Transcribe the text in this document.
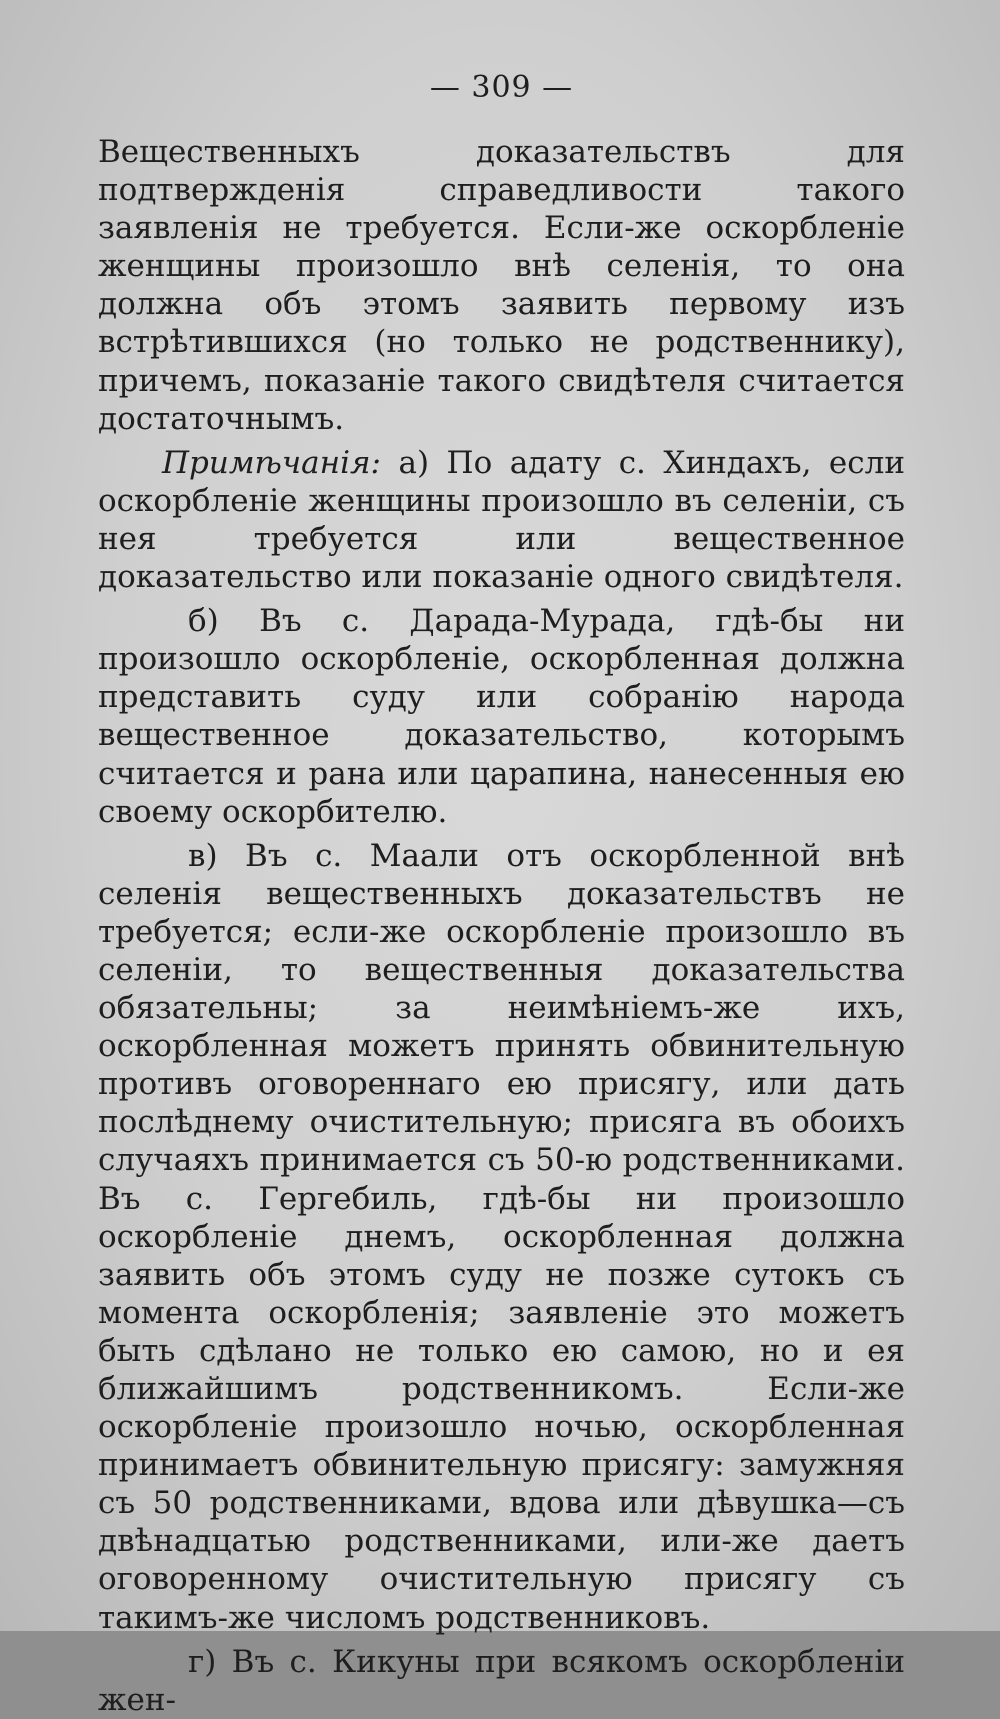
— 309 —

Вещественныхъ доказательствъ для подтвержденія справедливости такого заявленія не требуется. Если-же оскорбленіе женщины произошло внѣ селенія, то она должна объ этомъ заявить первому изъ встрѣтившихся (но только не родственнику), причемъ, показаніе такого свидѣтеля считается достаточнымъ.

Примѣчанія: а) По адату с. Хиндахъ, если оскорбленіе женщины произошло въ селеніи, съ нея требуется или вещественное доказательство или показаніе одного свидѣтеля.

б) Въ с. Дарада-Мурада, гдѣ-бы ни произошло оскорбленіе, оскорбленная должна представить суду или собранію народа вещественное доказательство, которымъ считается и рана или царапина, нанесенныя ею своему оскорбителю.

в) Въ с. Маали отъ оскорбленной внѣ селенія вещественныхъ доказательствъ не требуется; если-же оскорбленіе произошло въ селеніи, то вещественныя доказательства обязательны; за неимѣніемъ-же ихъ, оскорбленная можетъ принять обвинительную противъ оговореннаго ею присягу, или дать послѣднему очистительную; присяга въ обоихъ случаяхъ принимается съ 50-ю родственниками. Въ с. Гергебиль, гдѣ-бы ни произошло оскорбленіе днемъ, оскорбленная должна заявить объ этомъ суду не позже сутокъ съ момента оскорбленія; заявленіе это можетъ быть сдѣлано не только ею самою, но и ея ближайшимъ родственникомъ. Если-же оскорбленіе произошло ночью, оскорбленная принимаетъ обвинительную присягу: замужняя съ 50 родственниками, вдова или дѣвушка—съ двѣнадцатью родственниками, или-же даетъ оговоренному очистительную присягу съ такимъ-же числомъ родственниковъ.

г) Въ с. Кикуны при всякомъ оскорбленіи жен-
